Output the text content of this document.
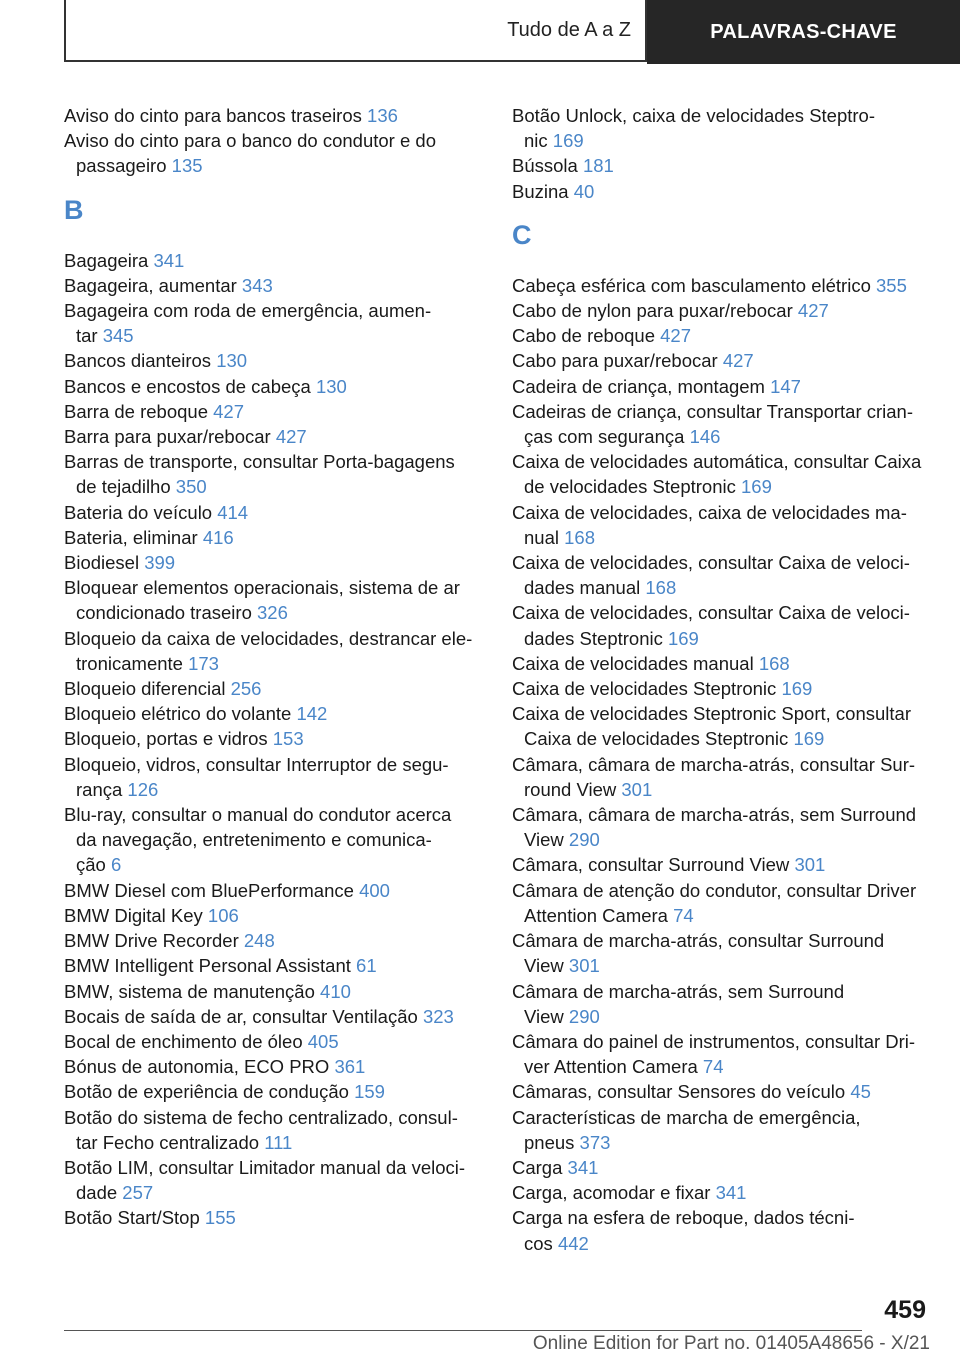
Tudo de A a Z	PALAVRAS-CHAVE
Aviso do cinto para bancos traseiros 136
Aviso do cinto para o banco do condutor e do
passageiro 135
B
Bagageira 341
Bagageira, aumentar 343
Bagageira com roda de emergência, aumen-
tar 345
Bancos dianteiros 130
Bancos e encostos de cabeça 130
Barra de reboque 427
Barra para puxar/rebocar 427
Barras de transporte, consultar Porta-bagagens
de tejadilho 350
Bateria do veículo 414
Bateria, eliminar 416
Biodiesel 399
Bloquear elementos operacionais, sistema de ar
condicionado traseiro 326
Bloqueio da caixa de velocidades, destrancar ele-
tronicamente 173
Bloqueio diferencial 256
Bloqueio elétrico do volante 142
Bloqueio, portas e vidros 153
Bloqueio, vidros, consultar Interruptor de segu-
rança 126
Blu-ray, consultar o manual do condutor acerca
da navegação, entretenimento e comunica-
ção 6
BMW Diesel com BluePerformance 400
BMW Digital Key 106
BMW Drive Recorder 248
BMW Intelligent Personal Assistant 61
BMW, sistema de manutenção 410
Bocais de saída de ar, consultar Ventilação 323
Bocal de enchimento de óleo 405
Bónus de autonomia, ECO PRO 361
Botão de experiência de condução 159
Botão do sistema de fecho centralizado, consul-
tar Fecho centralizado 111
Botão LIM, consultar Limitador manual da veloci-
dade 257
Botão Start/Stop 155
Botão Unlock, caixa de velocidades Steptro-
nic 169
Bússola 181
Buzina 40
C
Cabeça esférica com basculamento elétrico 355
Cabo de nylon para puxar/rebocar 427
Cabo de reboque 427
Cabo para puxar/rebocar 427
Cadeira de criança, montagem 147
Cadeiras de criança, consultar Transportar crian-
ças com segurança 146
Caixa de velocidades automática, consultar Caixa
de velocidades Steptronic 169
Caixa de velocidades, caixa de velocidades ma-
nual 168
Caixa de velocidades, consultar Caixa de veloci-
dades manual 168
Caixa de velocidades, consultar Caixa de veloci-
dades Steptronic 169
Caixa de velocidades manual 168
Caixa de velocidades Steptronic 169
Caixa de velocidades Steptronic Sport, consultar
Caixa de velocidades Steptronic 169
Câmara, câmara de marcha-atrás, consultar Sur-
round View 301
Câmara, câmara de marcha-atrás, sem Surround
View 290
Câmara, consultar Surround View 301
Câmara de atenção do condutor, consultar Driver
Attention Camera 74
Câmara de marcha-atrás, consultar Surround
View 301
Câmara de marcha-atrás, sem Surround
View 290
Câmara do painel de instrumentos, consultar Dri-
ver Attention Camera 74
Câmaras, consultar Sensores do veículo 45
Características de marcha de emergência,
pneus 373
Carga 341
Carga, acomodar e fixar 341
Carga na esfera de reboque, dados técni-
cos 442
459
Online Edition for Part no. 01405A48656 - X/21
